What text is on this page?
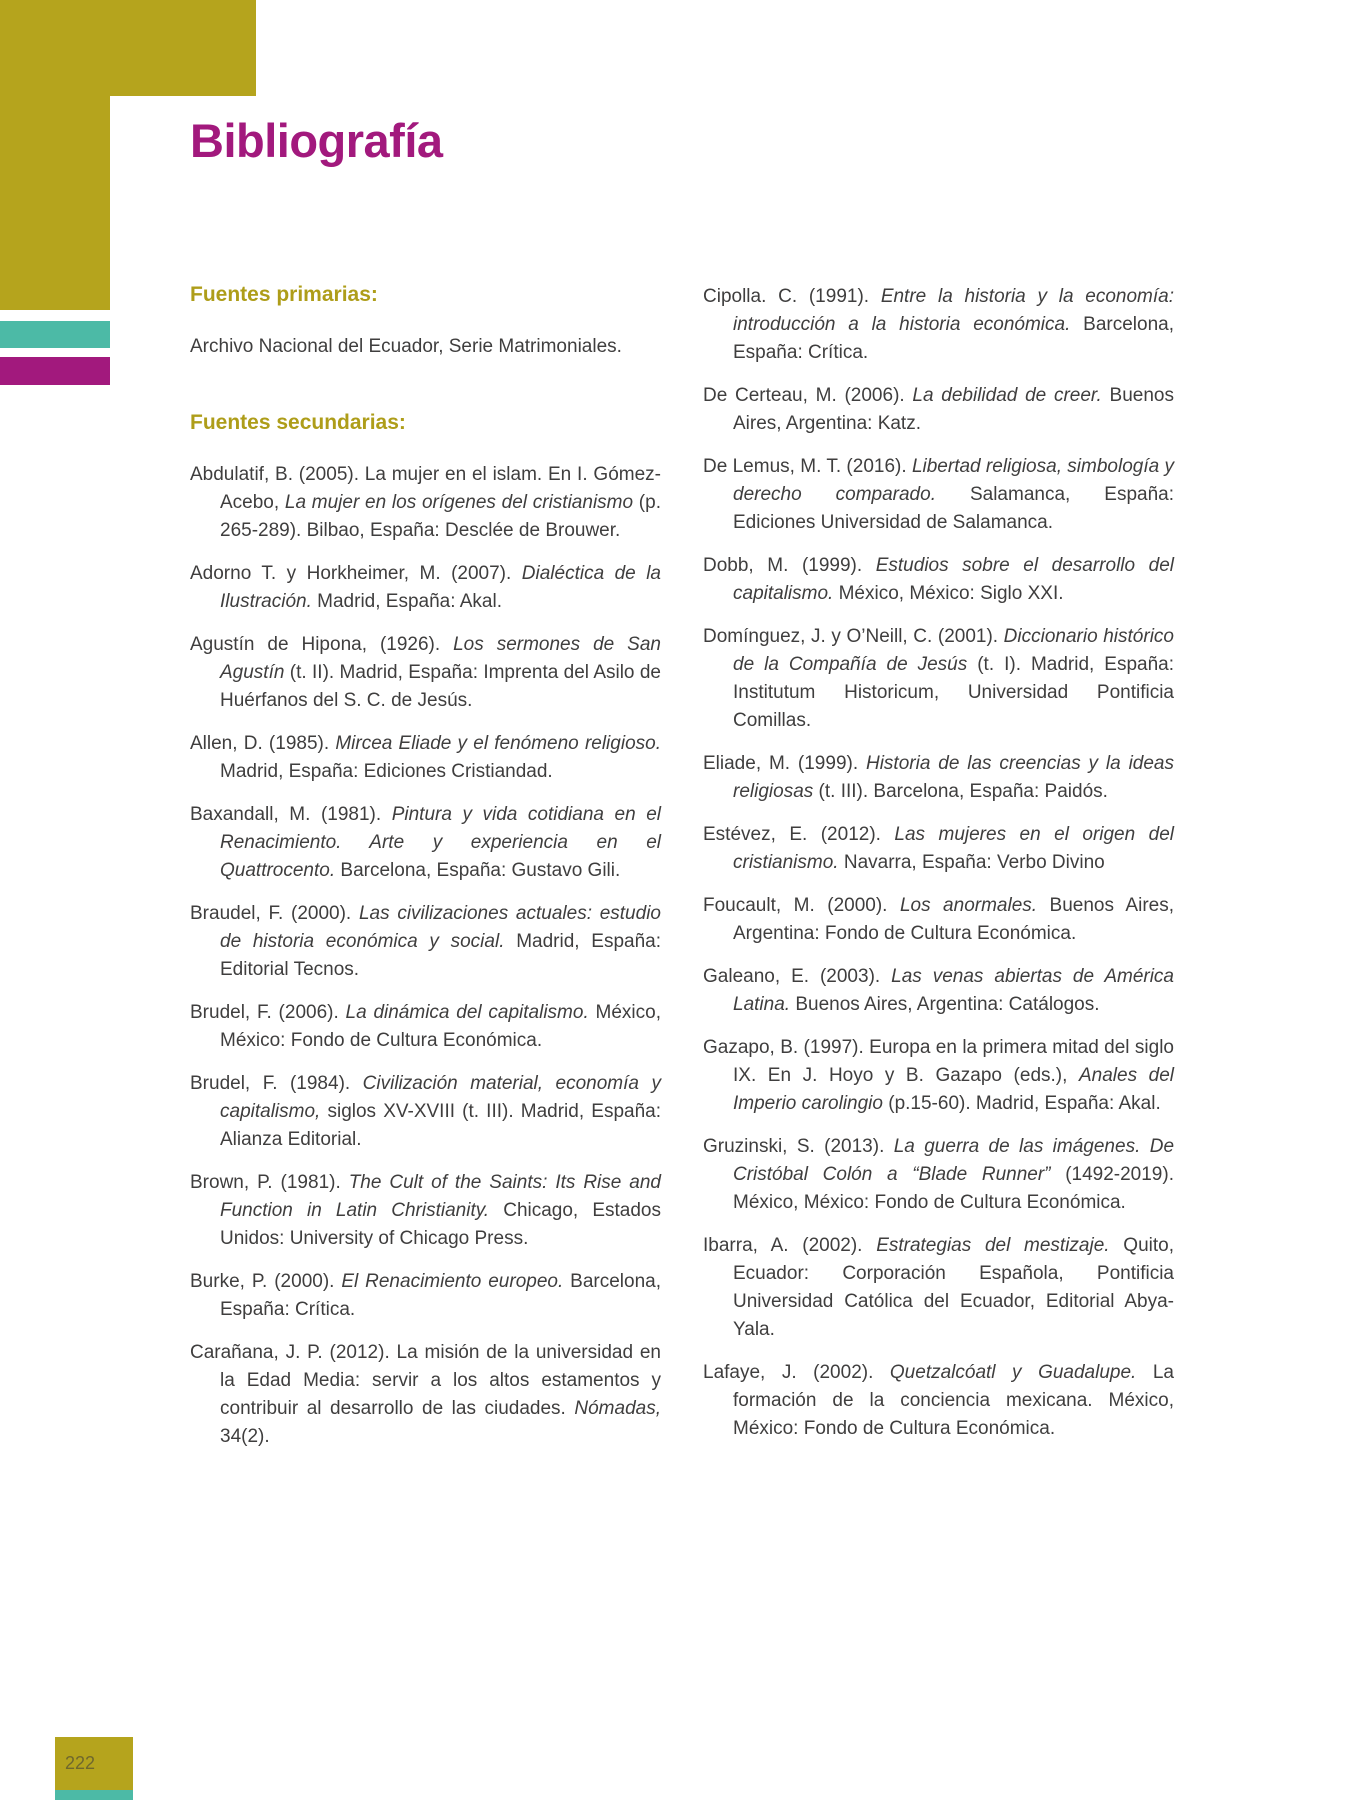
Bibliografía
Fuentes primarias:

Archivo Nacional del Ecuador, Serie Matrimoniales.

Fuentes secundarias:

Abdulatif, B. (2005). La mujer en el islam. En I. Gómez-Acebo, La mujer en los orígenes del cristianismo (p. 265-289). Bilbao, España: Desclée de Brouwer.

Adorno T. y Horkheimer, M. (2007). Dialéctica de la Ilustración. Madrid, España: Akal.

Agustín de Hipona, (1926). Los sermones de San Agustín (t. II). Madrid, España: Imprenta del Asilo de Huérfanos del S. C. de Jesús.

Allen, D. (1985). Mircea Eliade y el fenómeno religioso. Madrid, España: Ediciones Cristiandad.

Baxandall, M. (1981). Pintura y vida cotidiana en el Renacimiento. Arte y experiencia en el Quattrocento. Barcelona, España: Gustavo Gili.

Braudel, F. (2000). Las civilizaciones actuales: estudio de historia económica y social. Madrid, España: Editorial Tecnos.

Brudel, F. (2006). La dinámica del capitalismo. México, México: Fondo de Cultura Económica.

Brudel, F. (1984). Civilización material, economía y capitalismo, siglos XV-XVIII (t. III). Madrid, España: Alianza Editorial.

Brown, P. (1981). The Cult of the Saints: Its Rise and Function in Latin Christianity. Chicago, Estados Unidos: University of Chicago Press.

Burke, P. (2000). El Renacimiento europeo. Barcelona, España: Crítica.

Carañana, J. P. (2012). La misión de la universidad en la Edad Media: servir a los altos estamentos y contribuir al desarrollo de las ciudades. Nómadas, 34(2).

Cipolla. C. (1991). Entre la historia y la economía: introducción a la historia económica. Barcelona, España: Crítica.

De Certeau, M. (2006). La debilidad de creer. Buenos Aires, Argentina: Katz.

De Lemus, M. T. (2016). Libertad religiosa, simbología y derecho comparado. Salamanca, España: Ediciones Universidad de Salamanca.

Dobb, M. (1999). Estudios sobre el desarrollo del capitalismo. México, México: Siglo XXI.

Domínguez, J. y O’Neill, C. (2001). Diccionario histórico de la Compañía de Jesús (t. I). Madrid, España: Institutum Historicum, Universidad Pontificia Comillas.

Eliade, M. (1999). Historia de las creencias y la ideas religiosas (t. III). Barcelona, España: Paidós.

Estévez, E. (2012). Las mujeres en el origen del cristianismo. Navarra, España: Verbo Divino

Foucault, M. (2000). Los anormales. Buenos Aires, Argentina: Fondo de Cultura Económica.

Galeano, E. (2003). Las venas abiertas de América Latina. Buenos Aires, Argentina: Catálogos.

Gazapo, B. (1997). Europa en la primera mitad del siglo IX. En J. Hoyo y B. Gazapo (eds.), Anales del Imperio carolingio (p.15-60). Madrid, España: Akal.

Gruzinski, S. (2013). La guerra de las imágenes. De Cristóbal Colón a “Blade Runner” (1492-2019). México, México: Fondo de Cultura Económica.

Ibarra, A. (2002). Estrategias del mestizaje. Quito, Ecuador: Corporación Española, Pontificia Universidad Católica del Ecuador, Editorial Abya-Yala.

Lafaye, J. (2002). Quetzalcóatl y Guadalupe. La formación de la conciencia mexicana. México, México: Fondo de Cultura Económica.

222
